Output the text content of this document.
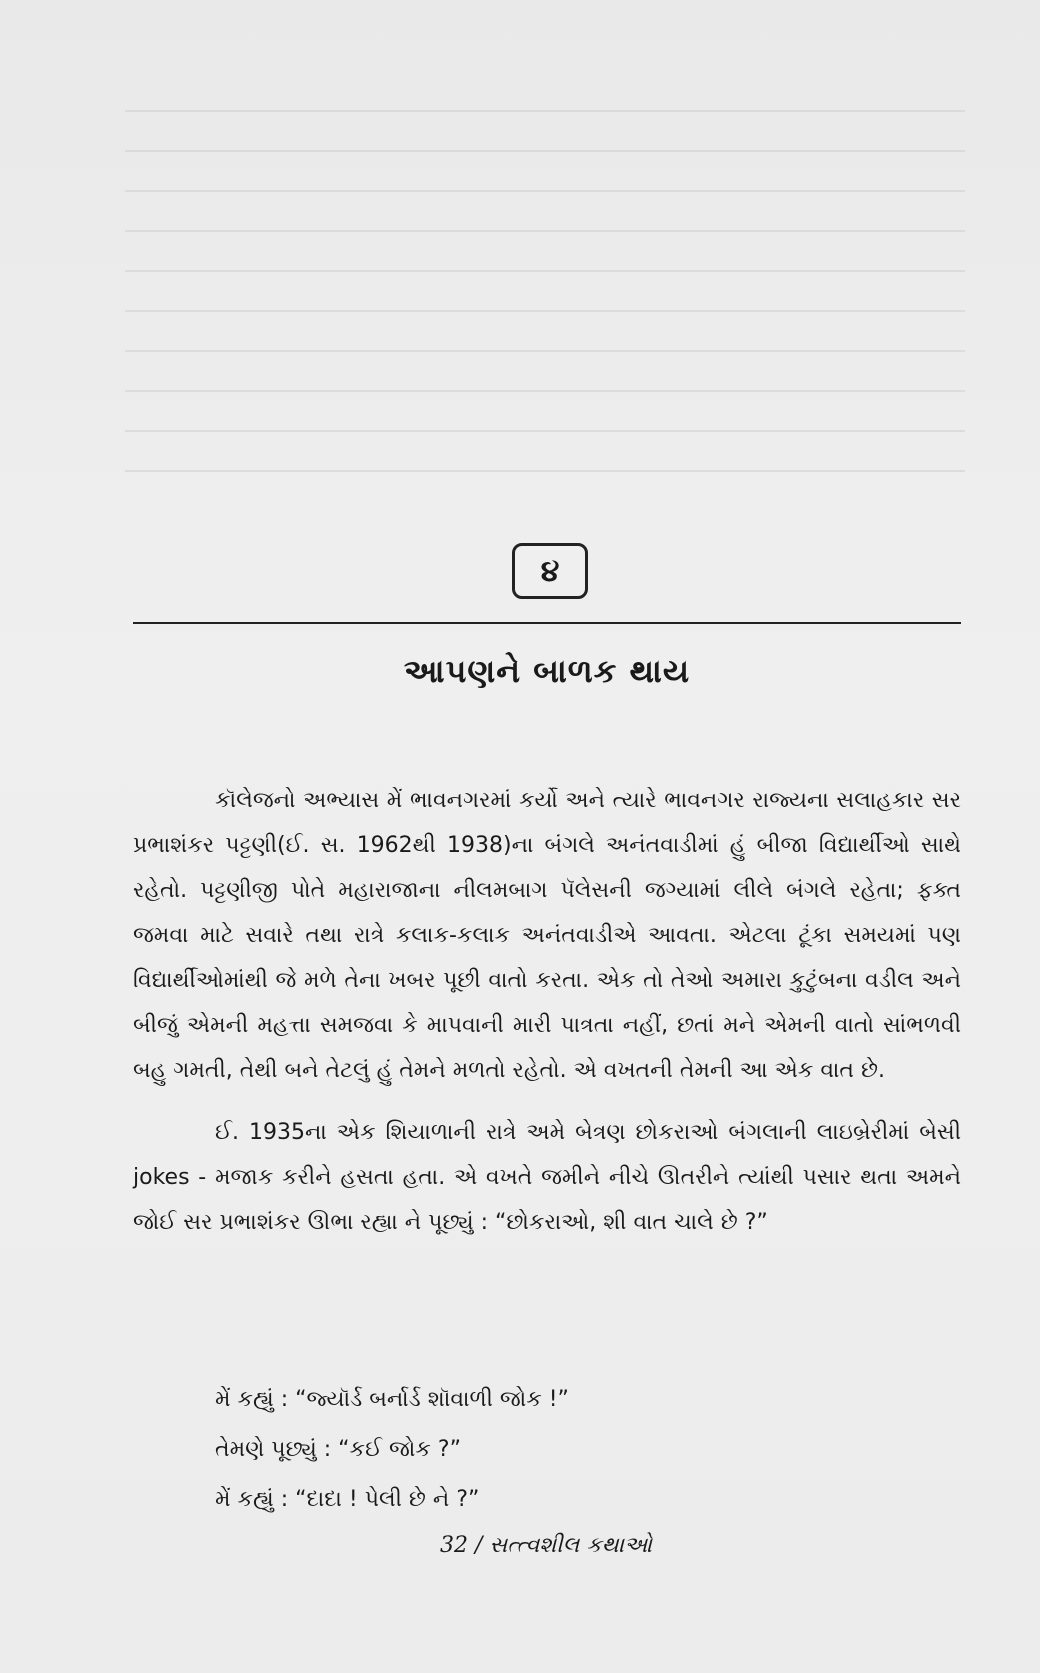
૪
આપણને બાળક થાય

કૉલેજનો અભ્યાસ મેં ભાવનગરમાં કર્યો અને ત્યારે ભાવનગર રાજ્યના સલાહકાર સર પ્રભાશંકર પટ્ટણી(ઈ. સ. 1962થી 1938)ના બંગલે અનંતવાડીમાં હું બીજા વિદ્યાર્થીઓ સાથે રહેતો. પટ્ટણીજી પોતે મહારાજાના નીલમબાગ પૅલેસની જગ્યામાં લીલે બંગલે રહેતા; ફક્ત જમવા માટે સવારે તથા રાત્રે કલાક-કલાક અનંતવાડીએ આવતા. એટલા ટૂંકા સમયમાં પણ વિદ્યાર્થીઓમાંથી જે મળે તેના ખબર પૂછી વાતો કરતા. એક તો તેઓ અમારા કુટુંબના વડીલ અને બીજું એમની મહત્તા સમજવા કે માપવાની મારી પાત્રતા નહીં, છતાં મને એમની વાતો સાંભળવી બહુ ગમતી, તેથી બને તેટલું હું તેમને મળતો રહેતો. એ વખતની તેમની આ એક વાત છે.

ઈ. 1935ના એક શિયાળાની રાત્રે અમે બેત્રણ છોકરાઓ બંગલાની લાઇબ્રેરીમાં બેસી jokes - મજાક કરીને હસતા હતા. એ વખતે જમીને નીચે ઊતરીને ત્યાંથી પસાર થતા અમને જોઈ સર પ્રભાશંકર ઊભા રહ્યા ને પૂછ્યું : “છોકરાઓ, શી વાત ચાલે છે ?”

મેં કહ્યું : “જ્યૉર્ડ બર્નાર્ડ શૉવાળી જોક !”
તેમણે પૂછ્યું : “કઈ જોક ?”
મેં કહ્યું : “દાદા ! પેલી છે ને ?”
32 / સત્ત્વશીલ કથાઓ
